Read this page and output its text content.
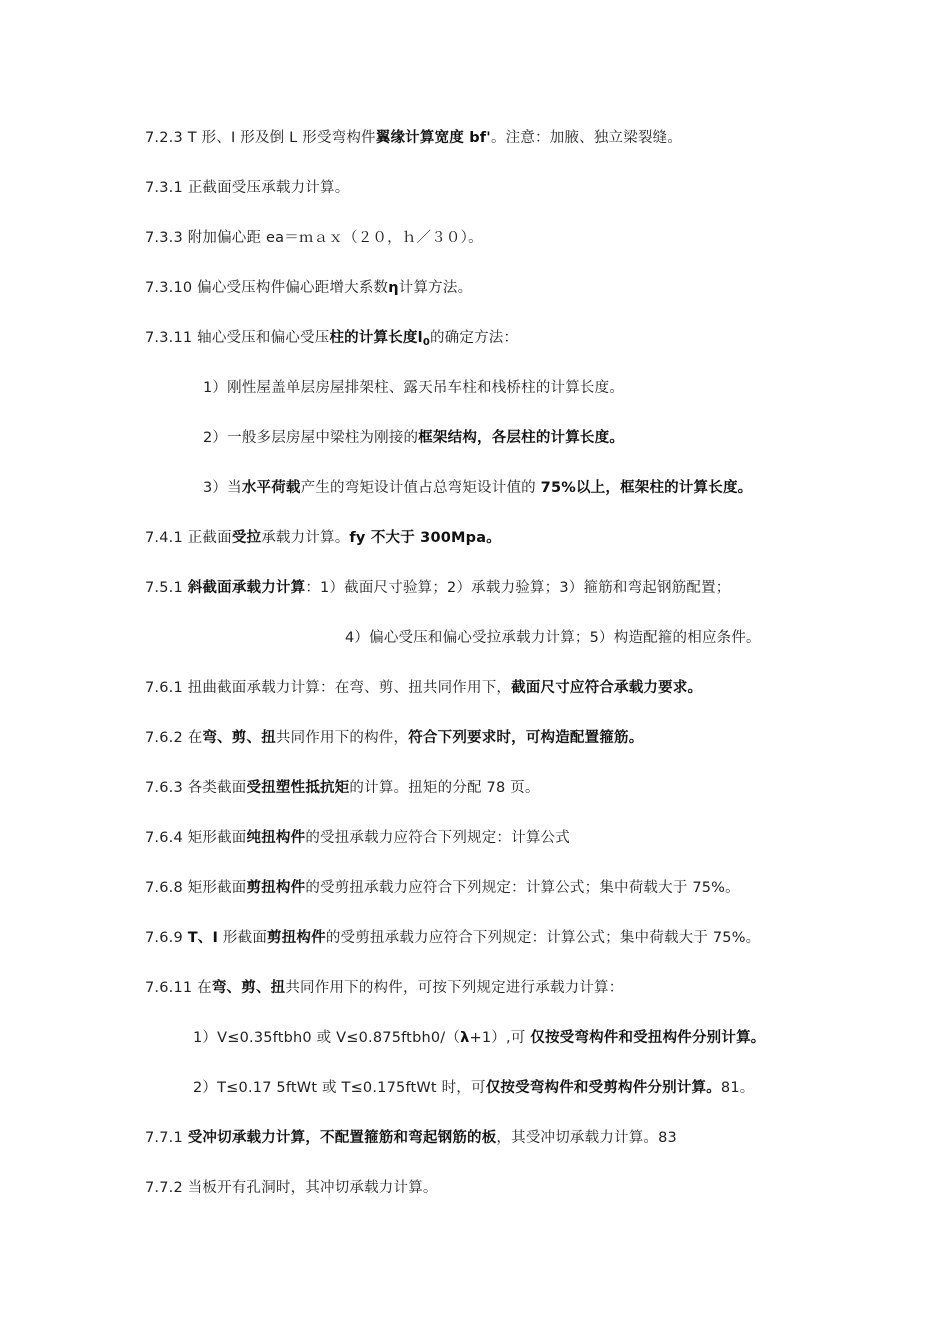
7.2.3 T 形、I 形及倒 L 形受弯构件翼缘计算宽度 bf'。注意：加腋、独立梁裂缝。
7.3.1 正截面受压承载力计算。
7.3.3 附加偏心距 ea＝ｍａｘ（２０，ｈ／３０）。
7.3.10 偏心受压构件偏心距增大系数η计算方法。
7.3.11 轴心受压和偏心受压柱的计算长度$l_0$的确定方法：
1）刚性屋盖单层房屋排架柱、露天吊车柱和栈桥柱的计算长度。
2）一般多层房屋中梁柱为刚接的框架结构，各层柱的计算长度。
3）当水平荷载产生的弯矩设计值占总弯矩设计值的 75%以上，框架柱的计算长度。
7.4.1 正截面受拉承载力计算。fy 不大于 300Mpa。
7.5.1 斜截面承载力计算：1）截面尺寸验算；2）承载力验算；3）箍筋和弯起钢筋配置；
4）偏心受压和偏心受拉承载力计算；5）构造配箍的相应条件。
7.6.1 扭曲截面承载力计算：在弯、剪、扭共同作用下，截面尺寸应符合承载力要求。
7.6.2 在弯、剪、扭共同作用下的构件，符合下列要求时，可构造配置箍筋。
7.6.3 各类截面受扭塑性抵抗矩的计算。扭矩的分配 78 页。
7.6.4 矩形截面纯扭构件的受扭承载力应符合下列规定：计算公式
7.6.8 矩形截面剪扭构件的受剪扭承载力应符合下列规定：计算公式；集中荷载大于 75%。
7.6.9 T、I 形截面剪扭构件的受剪扭承载力应符合下列规定：计算公式；集中荷载大于 75%。
7.6.11 在弯、剪、扭共同作用下的构件，可按下列规定进行承载力计算：
1）V≤0.35ftbh0 或 V≤0.875ftbh0/（λ+1）,可 仅按受弯构件和受扭构件分别计算。
2）T≤0.17 5ftWt 或 T≤0.175ftWt 时，可仅按受弯构件和受剪构件分别计算。81。
7.7.1 受冲切承载力计算，不配置箍筋和弯起钢筋的板，其受冲切承载力计算。83
7.7.2 当板开有孔洞时，其冲切承载力计算。
